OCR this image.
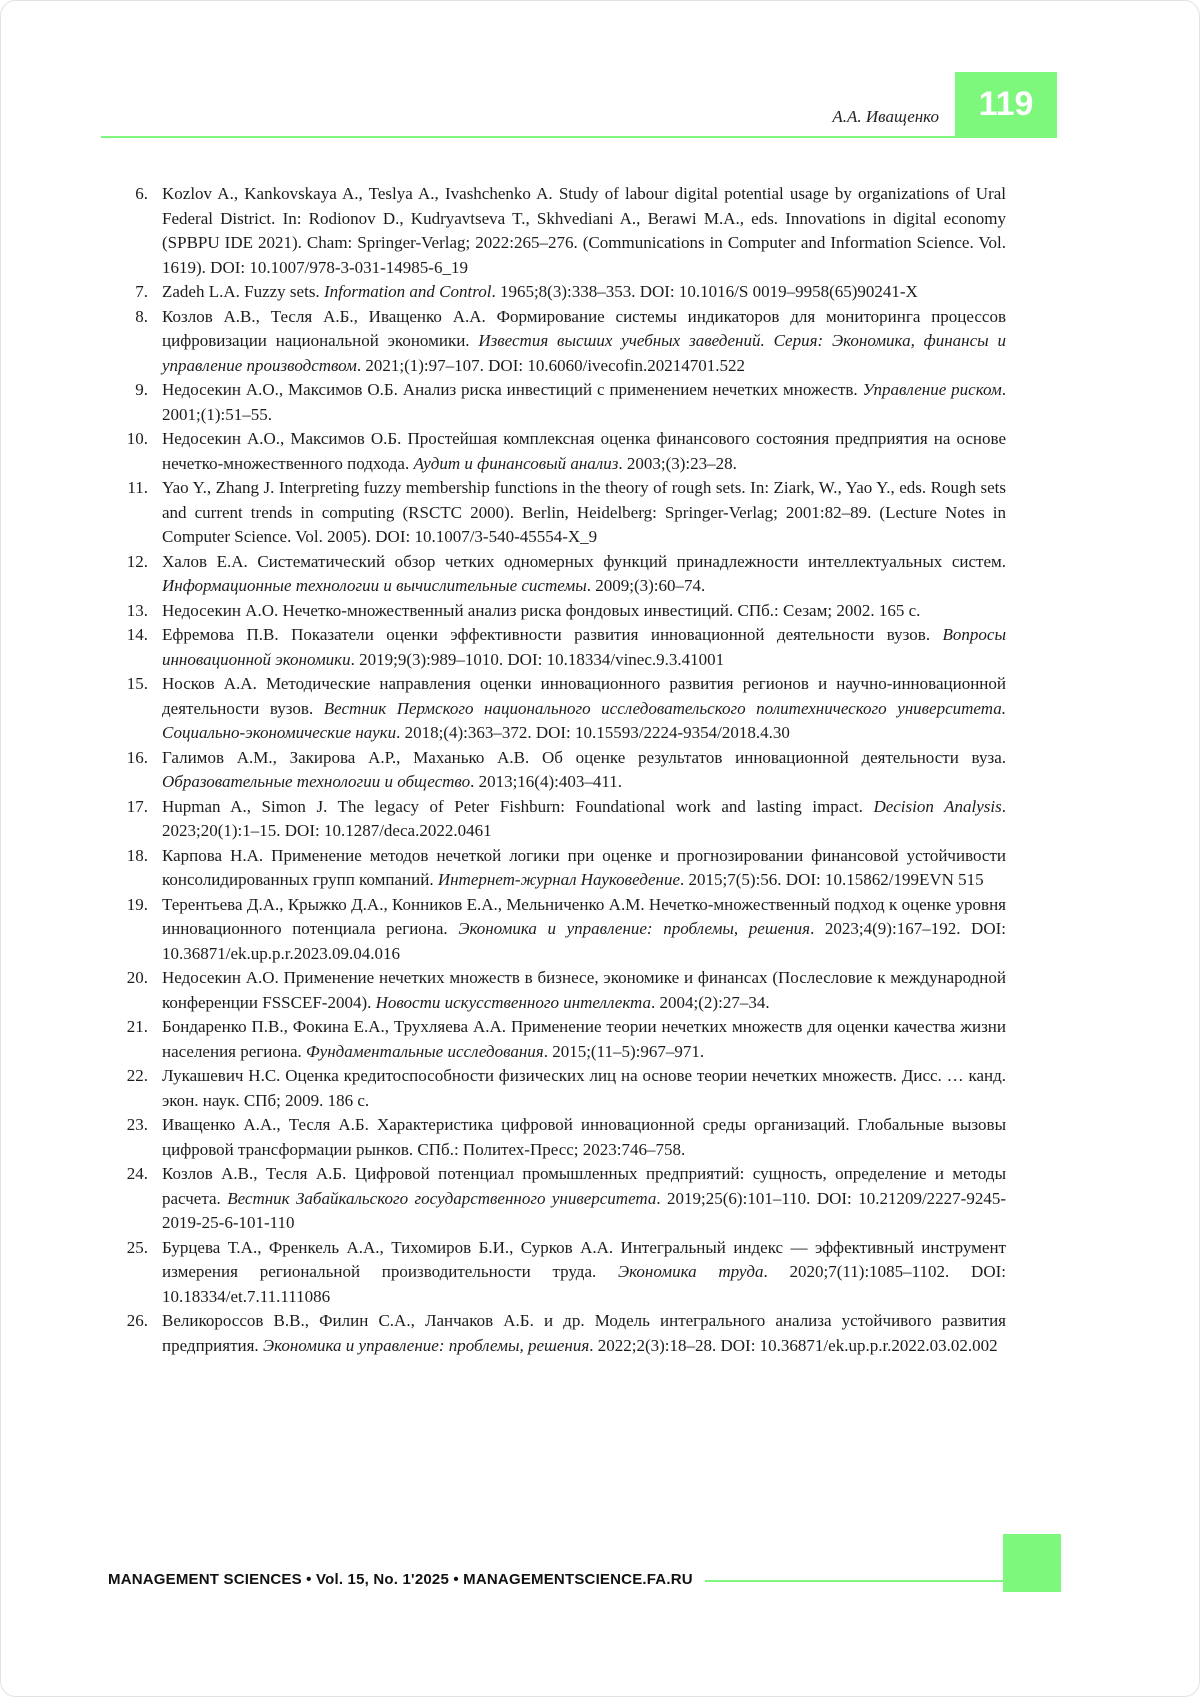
А.А. Иващенко	119
6. Kozlov A., Kankovskaya A., Teslya A., Ivashchenko A. Study of labour digital potential usage by organizations of Ural Federal District. In: Rodionov D., Kudryavtseva T., Skhvediani A., Berawi M.A., eds. Innovations in digital economy (SPBPU IDE 2021). Cham: Springer-Verlag; 2022:265–276. (Communications in Computer and Information Science. Vol. 1619). DOI: 10.1007/978-3-031-14985-6_19
7. Zadeh L.A. Fuzzy sets. Information and Control. 1965;8(3):338–353. DOI: 10.1016/S 0019–9958(65)90241-X
8. Козлов А.В., Тесля А.Б., Иващенко А.А. Формирование системы индикаторов для мониторинга процессов цифровизации национальной экономики. Известия высших учебных заведений. Серия: Экономика, финансы и управление производством. 2021;(1):97–107. DOI: 10.6060/ivecofin.20214701.522
9. Недосекин А.О., Максимов О.Б. Анализ риска инвестиций с применением нечетких множеств. Управление риском. 2001;(1):51–55.
10. Недосекин А.О., Максимов О.Б. Простейшая комплексная оценка финансового состояния предприятия на основе нечетко-множественного подхода. Аудит и финансовый анализ. 2003;(3):23–28.
11. Yao Y., Zhang J. Interpreting fuzzy membership functions in the theory of rough sets. In: Ziark, W., Yao Y., eds. Rough sets and current trends in computing (RSCTC 2000). Berlin, Heidelberg: Springer-Verlag; 2001:82–89. (Lecture Notes in Computer Science. Vol. 2005). DOI: 10.1007/3-540-45554-X_9
12. Халов Е.А. Систематический обзор четких одномерных функций принадлежности интеллектуальных систем. Информационные технологии и вычислительные системы. 2009;(3):60–74.
13. Недосекин А.О. Нечетко-множественный анализ риска фондовых инвестиций. СПб.: Сезам; 2002. 165 с.
14. Ефремова П.В. Показатели оценки эффективности развития инновационной деятельности вузов. Вопросы инновационной экономики. 2019;9(3):989–1010. DOI: 10.18334/vinec.9.3.41001
15. Носков А.А. Методические направления оценки инновационного развития регионов и научно-инновационной деятельности вузов. Вестник Пермского национального исследовательского политехнического университета. Социально-экономические науки. 2018;(4):363–372. DOI: 10.15593/2224-9354/2018.4.30
16. Галимов А.М., Закирова А.Р., Маханько А.В. Об оценке результатов инновационной деятельности вуза. Образовательные технологии и общество. 2013;16(4):403–411.
17. Hupman A., Simon J. The legacy of Peter Fishburn: Foundational work and lasting impact. Decision Analysis. 2023;20(1):1–15. DOI: 10.1287/deca.2022.0461
18. Карпова Н.А. Применение методов нечеткой логики при оценке и прогнозировании финансовой устойчивости консолидированных групп компаний. Интернет-журнал Науковедение. 2015;7(5):56. DOI: 10.15862/199EVN 515
19. Терентьева Д.А., Крыжко Д.А., Конников Е.А., Мельниченко А.М. Нечетко-множественный подход к оценке уровня инновационного потенциала региона. Экономика и управление: проблемы, решения. 2023;4(9):167–192. DOI: 10.36871/ek.up.p.r.2023.09.04.016
20. Недосекин А.О. Применение нечетких множеств в бизнесе, экономике и финансах (Послесловие к международной конференции FSSCEF-2004). Новости искусственного интеллекта. 2004;(2):27–34.
21. Бондаренко П.В., Фокина Е.А., Трухляева А.А. Применение теории нечетких множеств для оценки качества жизни населения региона. Фундаментальные исследования. 2015;(11–5):967–971.
22. Лукашевич Н.С. Оценка кредитоспособности физических лиц на основе теории нечетких множеств. Дисс. … канд. экон. наук. СПб; 2009. 186 с.
23. Иващенко А.А., Тесля А.Б. Характеристика цифровой инновационной среды организаций. Глобальные вызовы цифровой трансформации рынков. СПб.: Политех-Пресс; 2023:746–758.
24. Козлов А.В., Тесля А.Б. Цифровой потенциал промышленных предприятий: сущность, определение и методы расчета. Вестник Забайкальского государственного университета. 2019;25(6):101–110. DOI: 10.21209/2227-9245-2019-25-6-101-110
25. Бурцева Т.А., Френкель А.А., Тихомиров Б.И., Сурков А.А. Интегральный индекс — эффективный инструмент измерения региональной производительности труда. Экономика труда. 2020;7(11):1085–1102. DOI: 10.18334/et.7.11.111086
26. Великороссов В.В., Филин С.А., Ланчаков А.Б. и др. Модель интегрального анализа устойчивого развития предприятия. Экономика и управление: проблемы, решения. 2022;2(3):18–28. DOI: 10.36871/ek.up.p.r.2022.03.02.002
MANAGEMENT SCIENCES • Vol. 15, No. 1'2025 • MANAGEMENTSCIENCE.FA.RU
